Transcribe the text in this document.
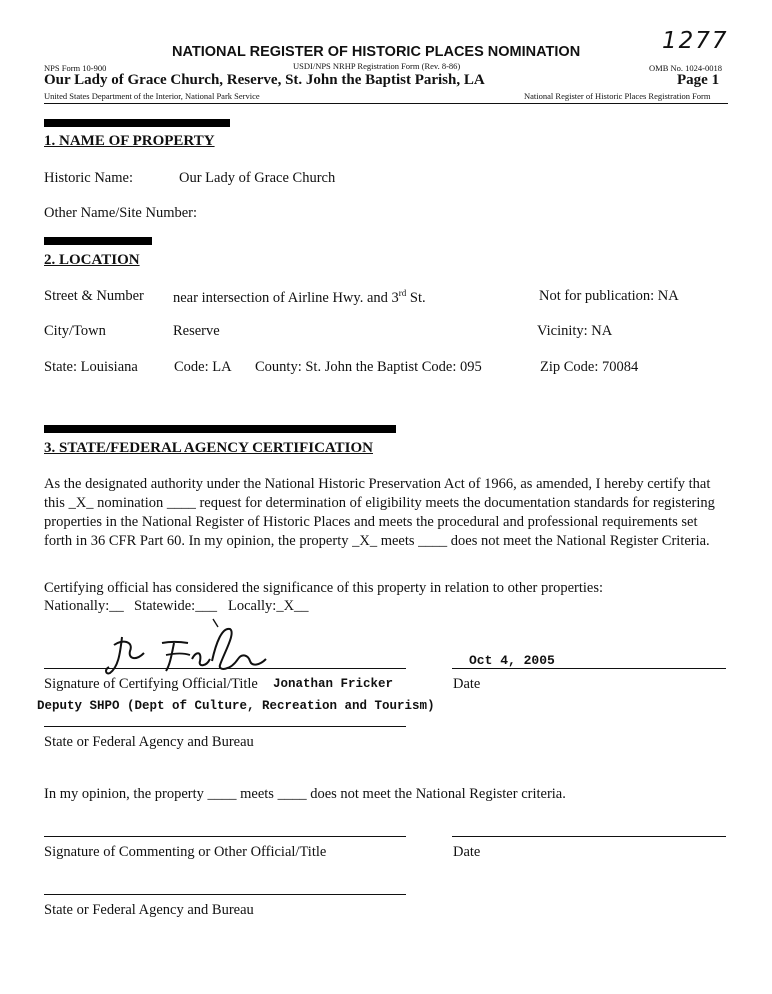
1277
NATIONAL REGISTER OF HISTORIC PLACES NOMINATION
NPS Form 10-900	USDI/NPS NRHP Registration Form (Rev. 8-86)	OMB No. 1024-0018
Our Lady of Grace Church, Reserve, St. John the Baptist Parish, LA	Page 1
United States Department of the Interior, National Park Service	National Register of Historic Places Registration Form
1. NAME OF PROPERTY
Historic Name:	Our Lady of Grace Church
Other Name/Site Number:
2. LOCATION
Street & Number near intersection of Airline Hwy. and 3rd St.	Not for publication: NA
City/Town	Reserve	Vicinity: NA
State: Louisiana Code: LA County: St. John the Baptist Code: 095	Zip Code: 70084
3. STATE/FEDERAL AGENCY CERTIFICATION
As the designated authority under the National Historic Preservation Act of 1966, as amended, I hereby certify that this _X_ nomination ____ request for determination of eligibility meets the documentation standards for registering properties in the National Register of Historic Places and meets the procedural and professional requirements set forth in 36 CFR Part 60. In my opinion, the property _X_ meets ____ does not meet the National Register Criteria.
Certifying official has considered the significance of this property in relation to other properties:
Nationally:__ Statewide:___ Locally:_X__
Oct 4, 2005
Signature of Certifying Official/Title Jonathan Fricker	Date
Deputy SHPO (Dept of Culture, Recreation and Tourism)
State or Federal Agency and Bureau
In my opinion, the property ____ meets ____ does not meet the National Register criteria.
Signature of Commenting or Other Official/Title	Date
State or Federal Agency and Bureau
